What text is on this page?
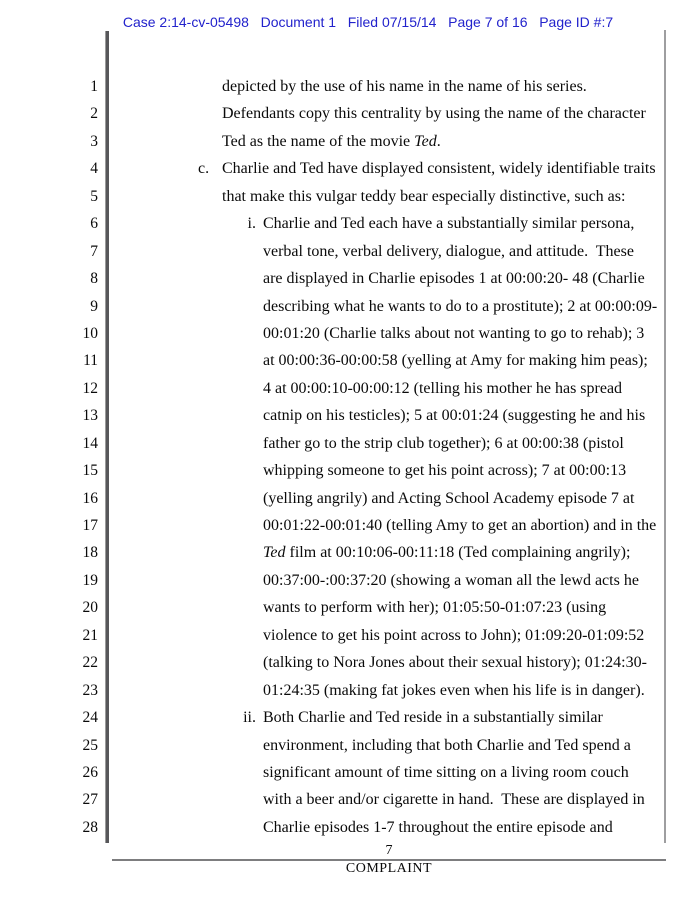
Case 2:14-cv-05498   Document 1   Filed 07/15/14   Page 7 of 16   Page ID #:7
1	depicted by the use of his name in the name of his series.
2	Defendants copy this centrality by using the name of the character
3	Ted as the name of the movie Ted.
4	c. Charlie and Ted have displayed consistent, widely identifiable traits
5	that make this vulgar teddy bear especially distinctive, such as:
6	i. Charlie and Ted each have a substantially similar persona,
7	verbal tone, verbal delivery, dialogue, and attitude.  These
8	are displayed in Charlie episodes 1 at 00:00:20- 48 (Charlie
9	describing what he wants to do to a prostitute); 2 at 00:00:09-
10	00:01:20 (Charlie talks about not wanting to go to rehab); 3
11	at 00:00:36-00:00:58 (yelling at Amy for making him peas);
12	4 at 00:00:10-00:00:12 (telling his mother he has spread
13	catnip on his testicles); 5 at 00:01:24 (suggesting he and his
14	father go to the strip club together); 6 at 00:00:38 (pistol
15	whipping someone to get his point across); 7 at 00:00:13
16	(yelling angrily) and Acting School Academy episode 7 at
17	00:01:22-00:01:40 (telling Amy to get an abortion) and in the
18	Ted film at 00:10:06-00:11:18 (Ted complaining angrily);
19	00:37:00-:00:37:20 (showing a woman all the lewd acts he
20	wants to perform with her); 01:05:50-01:07:23 (using
21	violence to get his point across to John); 01:09:20-01:09:52
22	(talking to Nora Jones about their sexual history); 01:24:30-
23	01:24:35 (making fat jokes even when his life is in danger).
24	ii. Both Charlie and Ted reside in a substantially similar
25	environment, including that both Charlie and Ted spend a
26	significant amount of time sitting on a living room couch
27	with a beer and/or cigarette in hand.  These are displayed in
28	Charlie episodes 1-7 throughout the entire episode and
7
COMPLAINT
